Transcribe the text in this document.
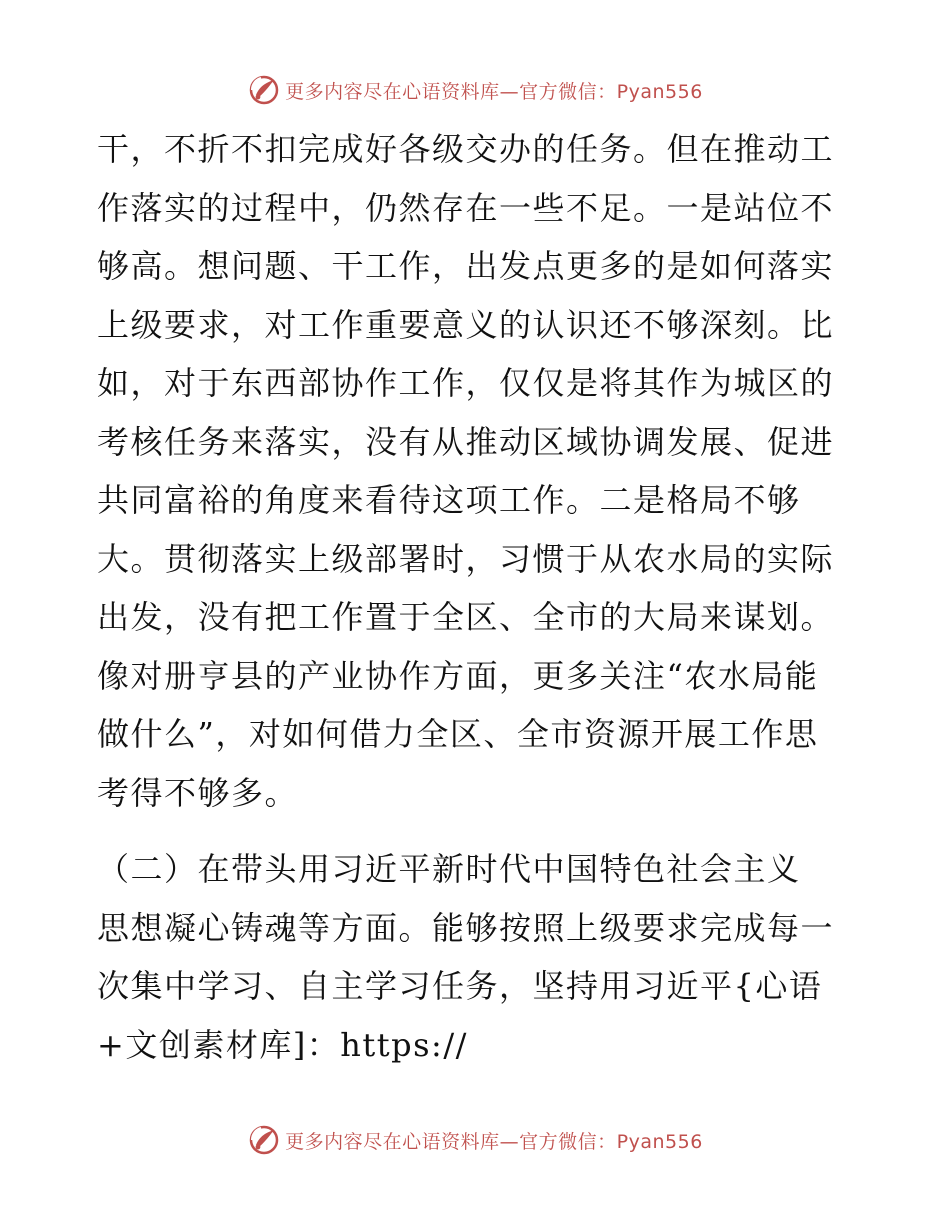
更多内容尽在心语资料库—官方微信：Pyan556

干，不折不扣完成好各级交办的任务。但在推动工
作落实的过程中，仍然存在一些不足。一是站位不
够高。想问题、干工作，出发点更多的是如何落实
上级要求，对工作重要意义的认识还不够深刻。比
如，对于东西部协作工作，仅仅是将其作为城区的
考核任务来落实，没有从推动区域协调发展、促进
共同富裕的角度来看待这项工作。二是格局不够
大。贯彻落实上级部署时，习惯于从农水局的实际
出发，没有把工作置于全区、全市的大局来谋划。
像对册亨县的产业协作方面，更多关注“农水局能
做什么”，对如何借力全区、全市资源开展工作思
考得不够多。

（二）在带头用习近平新时代中国特色社会主义
思想凝心铸魂等方面。能够按照上级要求完成每一
次集中学习、自主学习任务，坚持用习近平{心语
+文创素材库]：https://

更多内容尽在心语资料库—官方微信：Pyan556
